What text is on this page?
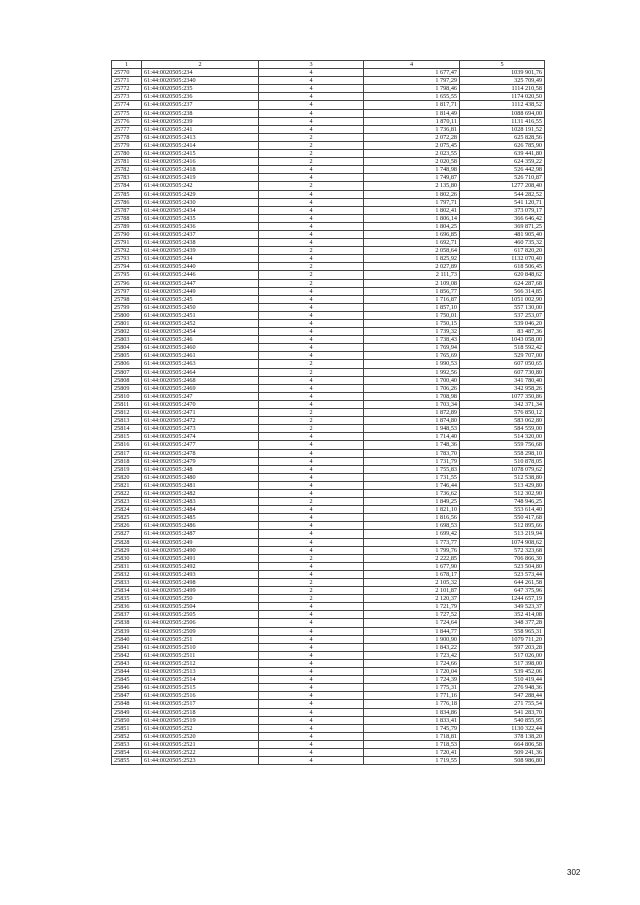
1	2	3	4	5
25770	61:44:0020505:234	4	1 677,47	1039 901,76
25771	61:44:0020505:2340	4	1 797,29	325 709,49
25772	61:44:0020505:235	4	1 798,46	1114 210,58
25773	61:44:0020505:236	4	1 655,55	1174 020,50
25774	61:44:0020505:237	4	1 817,71	1112 438,52
25775	61:44:0020505:238	4	1 814,49	1088 694,00
25776	61:44:0020505:239	4	1 870,11	1131 416,55
25777	61:44:0020505:241	4	1 736,81	1028 191,52
25778	61:44:0020505:2413	2	2 072,28	625 828,56
25779	61:44:0020505:2414	2	2 075,45	626 785,90
25780	61:44:0020505:2415	2	2 023,55	639 441,80
25781	61:44:0020505:2416	2	2 020,58	624 359,22
25782	61:44:0020505:2418	4	1 748,98	526 442,98
25783	61:44:0020505:2419	4	1 749,87	526 710,87
25784	61:44:0020505:242	2	2 135,80	1277 208,40
25785	61:44:0020505:2429	4	1 802,26	544 282,52
25786	61:44:0020505:2430	4	1 797,71	541 120,71
25787	61:44:0020505:2434	4	1 802,41	373 079,17
25788	61:44:0020505:2435	4	1 806,14	366 646,42
25789	61:44:0020505:2436	4	1 804,25	369 871,25
25790	61:44:0020505:2437	4	1 696,85	481 905,40
25791	61:44:0020505:2438	4	1 692,71	460 735,32
25792	61:44:0020505:2439	2	2 058,64	617 820,20
25793	61:44:0020505:244	4	1 825,92	1132 070,40
25794	61:44:0020505:2440	2	2 027,89	618 506,45
25795	61:44:0020505:2446	2	2 111,73	620 848,62
25796	61:44:0020505:2447	2	2 109,08	624 287,68
25797	61:44:0020505:2449	4	1 856,77	566 314,85
25798	61:44:0020505:245	4	1 716,87	1051 002,90
25799	61:44:0020505:2450	4	1 857,10	557 130,00
25800	61:44:0020505:2451	4	1 750,01	537 253,07
25801	61:44:0020505:2452	4	1 750,15	539 046,20
25802	61:44:0020505:2454	4	1 739,32	83 487,36
25803	61:44:0020505:246	4	1 738,43	1043 058,00
25804	61:44:0020505:2460	4	1 769,94	518 592,42
25805	61:44:0020505:2461	4	1 765,69	529 707,00
25806	61:44:0020505:2463	2	1 990,53	607 050,65
25807	61:44:0020505:2464	2	1 992,56	607 730,80
25808	61:44:0020505:2468	4	1 700,40	341 780,40
25809	61:44:0020505:2469	4	1 706,26	342 958,26
25810	61:44:0020505:247	4	1 708,98	1077 350,86
25811	61:44:0020505:2470	4	1 703,34	342 371,34
25812	61:44:0020505:2471	2	1 872,89	576 850,12
25813	61:44:0020505:2472	2	1 874,80	583 062,80
25814	61:44:0020505:2473	2	1 948,53	584 559,00
25815	61:44:0020505:2474	4	1 714,40	514 320,00
25816	61:44:0020505:2477	4	1 748,36	559 756,68
25817	61:44:0020505:2478	4	1 783,70	558 298,10
25818	61:44:0020505:2479	4	1 731,79	510 878,05
25819	61:44:0020505:248	4	1 755,83	1078 079,62
25820	61:44:0020505:2480	4	1 731,55	512 538,80
25821	61:44:0020505:2481	4	1 746,44	513 429,80
25822	61:44:0020505:2482	4	1 736,62	512 302,90
25823	61:44:0020505:2483	2	1 849,25	748 946,25
25824	61:44:0020505:2484	4	1 821,10	553 614,40
25825	61:44:0020505:2485	4	1 816,56	550 417,68
25826	61:44:0020505:2486	4	1 698,53	512 895,66
25827	61:44:0020505:2487	4	1 699,42	513 219,94
25828	61:44:0020505:249	4	1 773,77	1074 908,62
25829	61:44:0020505:2490	4	1 799,76	572 323,68
25830	61:44:0020505:2491	2	2 222,85	706 866,30
25831	61:44:0020505:2492	4	1 677,90	523 504,80
25832	61:44:0020505:2493	4	1 678,17	523 573,44
25833	61:44:0020505:2498	2	2 105,32	644 261,58
25834	61:44:0020505:2499	2	2 101,87	647 375,96
25835	61:44:0020505:250	2	2 120,37	1244 657,19
25836	61:44:0020505:2504	4	1 721,79	349 523,37
25837	61:44:0020505:2505	4	1 727,52	352 414,08
25838	61:44:0020505:2506	4	1 724,64	348 377,28
25839	61:44:0020505:2509	4	1 844,77	558 965,31
25840	61:44:0020505:251	4	1 900,90	1079 711,20
25841	61:44:0020505:2510	4	1 843,22	597 203,28
25842	61:44:0020505:2511	4	1 723,42	517 026,00
25843	61:44:0020505:2512	4	1 724,66	517 398,00
25844	61:44:0020505:2513	4	1 720,04	539 452,06
25845	61:44:0020505:2514	4	1 724,39	510 419,44
25846	61:44:0020505:2515	4	1 775,31	276 948,36
25847	61:44:0020505:2516	4	1 771,16	547 288,44
25848	61:44:0020505:2517	4	1 776,18	271 755,54
25849	61:44:0020505:2518	4	1 834,86	541 283,70
25850	61:44:0020505:2519	4	1 833,41	540 855,95
25851	61:44:0020505:252	4	1 745,79	1130 322,44
25852	61:44:0020505:2520	4	1 718,81	378 138,20
25853	61:44:0020505:2521	4	1 718,53	664 806,58
25854	61:44:0020505:2522	4	1 720,41	509 241,36
25855	61:44:0020505:2523	4	1 719,55	508 986,80
302
